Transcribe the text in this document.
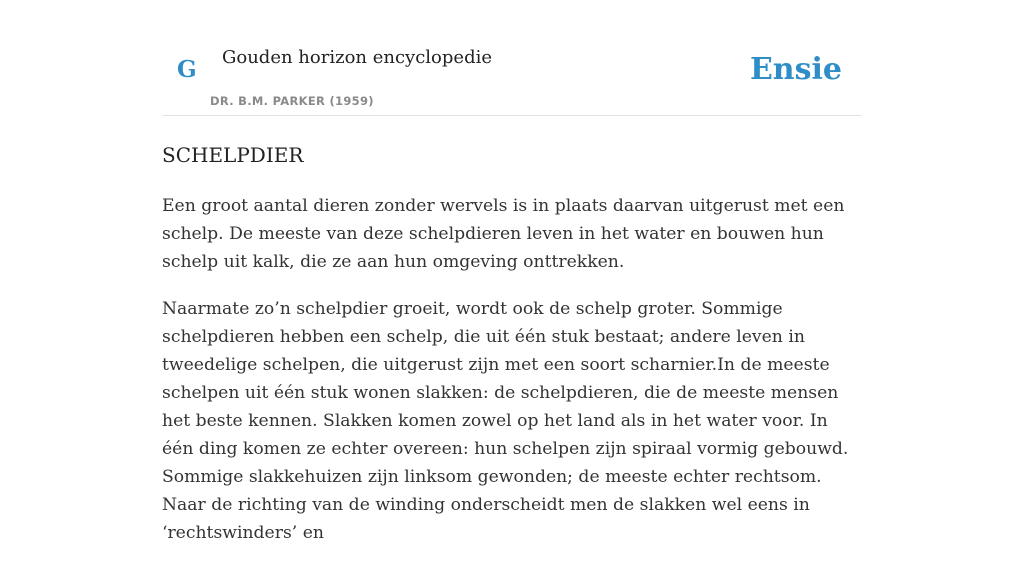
G Gouden horizon encyclopedie
DR. B.M. PARKER (1959)
Ensie
SCHELPDIER

Een groot aantal dieren zonder wervels is in plaats daarvan uitgerust met een schelp. De meeste van deze schelpdieren leven in het water en bouwen hun schelp uit kalk, die ze aan hun omgeving onttrekken.

Naarmate zo’n schelpdier groeit, wordt ook de schelp groter. Sommige schelpdieren hebben een schelp, die uit één stuk bestaat; andere leven in tweedelige schelpen, die uitgerust zijn met een soort scharnier.In de meeste schelpen uit één stuk wonen slakken: de schelpdieren, die de meeste mensen het beste kennen. Slakken komen zowel op het land als in het water voor. In één ding komen ze echter overeen: hun schelpen zijn spiraal vormig gebouwd. Sommige slakkehuizen zijn linksom gewonden; de meeste echter rechtsom. Naar de richting van de winding onderscheidt men de slakken wel eens in ‘rechtswinders’ en
